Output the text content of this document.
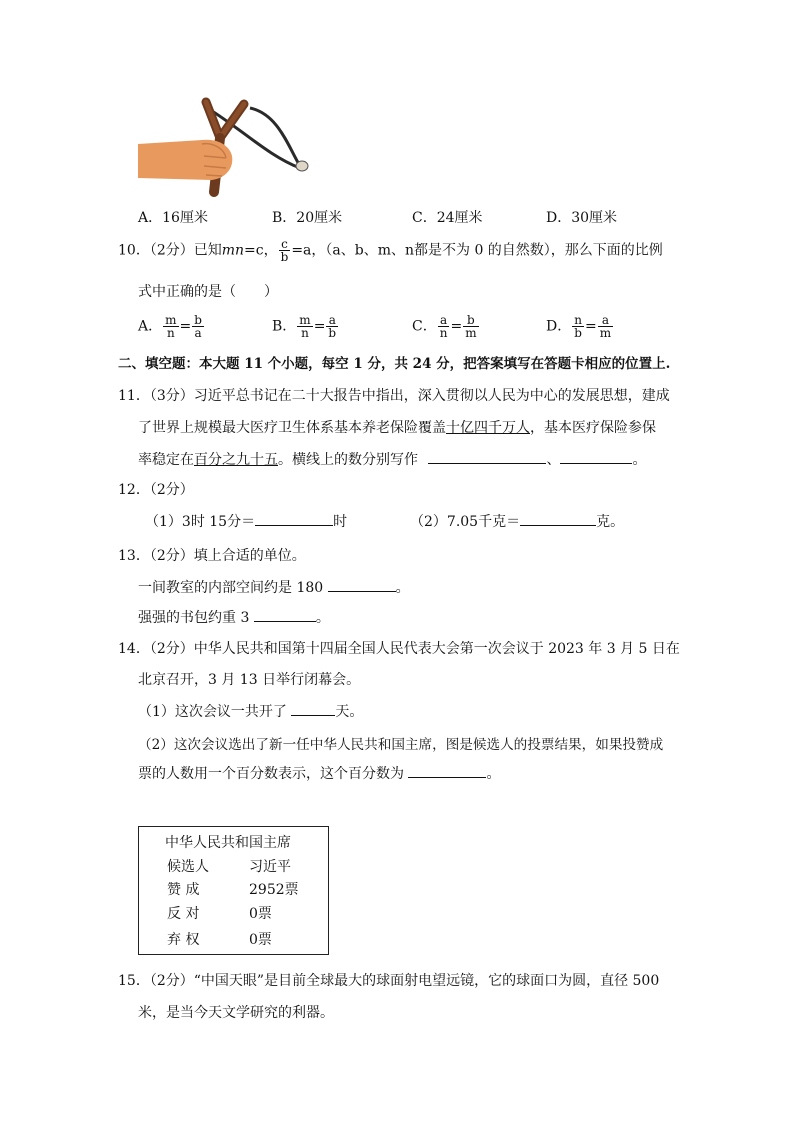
A．16厘米	B．20厘米	C．24厘米	D．30厘米
10．（2分）已知mn=c， $\frac{c}{b} =a$，（a、b、m、n都是不为 0 的自然数），那么下面的比例
式中正确的是（　　）
A． $\frac{m}{n} = \frac{b}{a}$	B． $\frac{m}{n} = \frac{a}{b}$	C． $\frac{a}{n} = \frac{b}{m}$	D． $\frac{n}{b} = \frac{a}{m}$
二、填空题：本大题 11 个小题，每空 1 分，共 24 分，把答案填写在答题卡相应的位置上.
11．（3分）习近平总书记在二十大报告中指出，深入贯彻以人民为中心的发展思想，建成
了世界上规模最大医疗卫生体系基本养老保险覆盖十亿四千万人，基本医疗保险参保
率稳定在百分之九十五。横线上的数分别写作	、	。
12．（2分）
（1）3时 15分＝	时	（2）7.05千克＝	克。
13．（2分）填上合适的单位。
一间教室的内部空间约是 180	。
强强的书包约重 3	。
14．（2分）中华人民共和国第十四届全国人民代表大会第一次会议于 2023 年 3 月 5 日在
北京召开，3 月 13 日举行闭幕会。
（1）这次会议一共开了	天。
（2）这次会议选出了新一任中华人民共和国主席，图是候选人的投票结果，如果投赞成
票的人数用一个百分数表示，这个百分数为	。
中华人民共和国主席
候选人	习近平
赞 成	2952票
反 对	0票
弃 权	0票
15．（2分）“中国天眼”是目前全球最大的球面射电望远镜，它的球面口为圆，直径 500
米，是当今天文学研究的利器。
